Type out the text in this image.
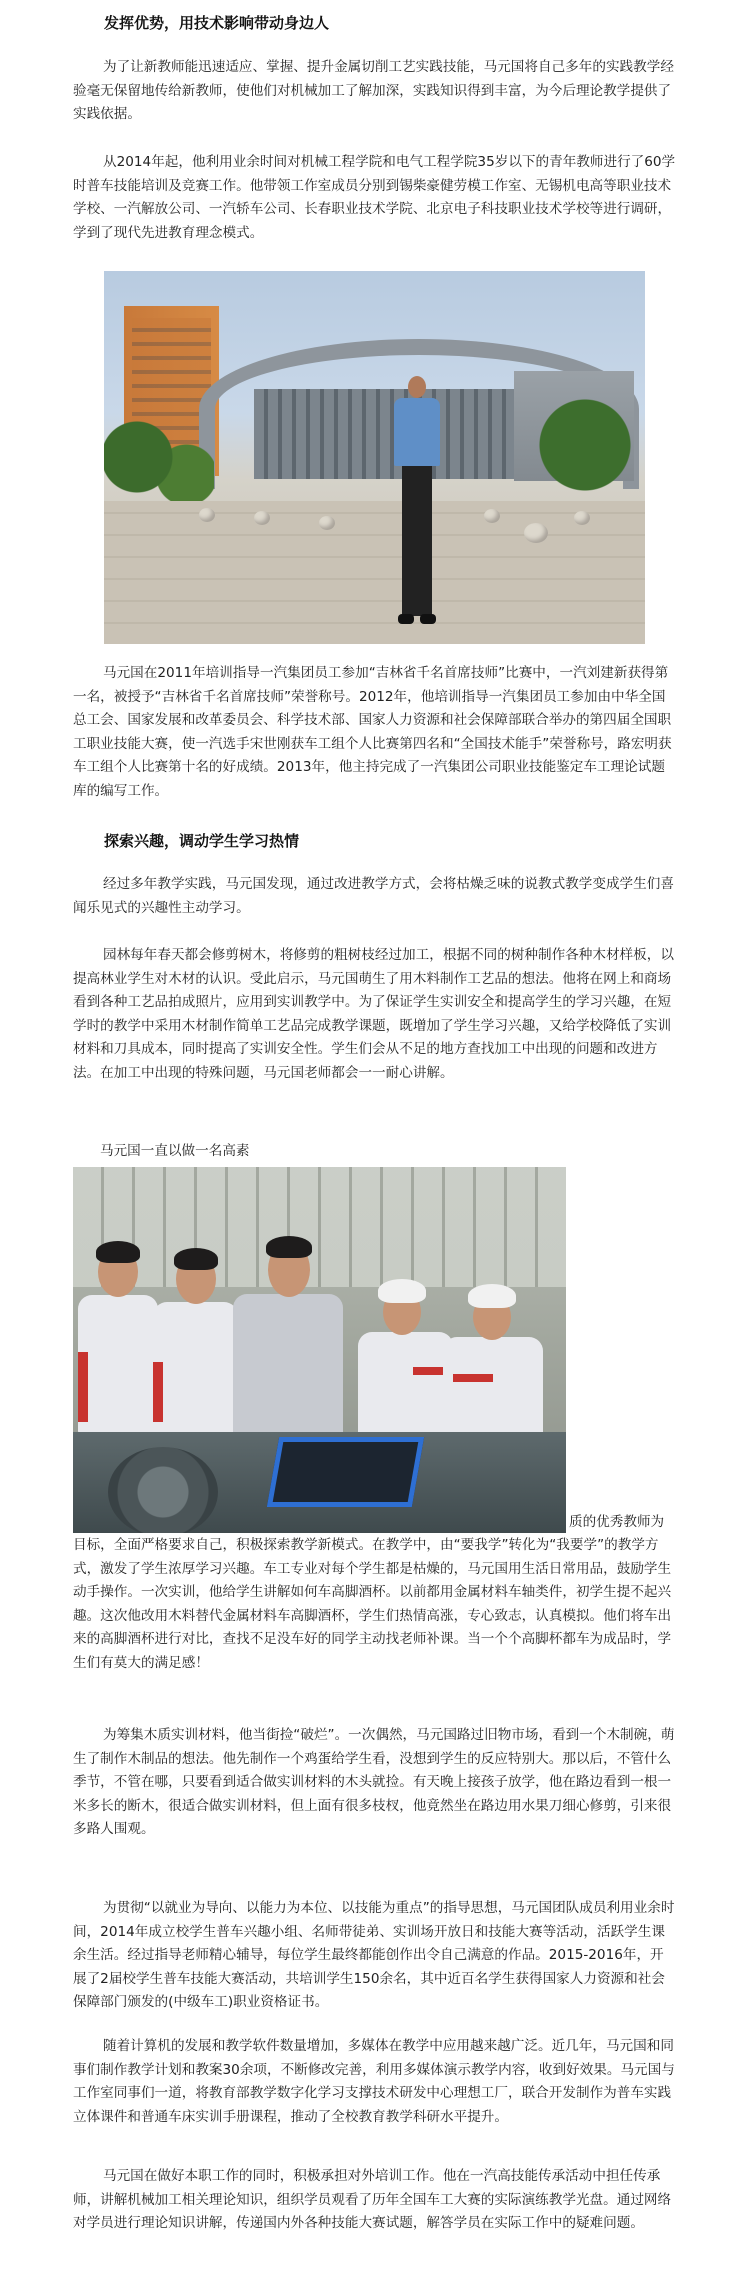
发挥优势，用技术影响带动身边人

为了让新教师能迅速适应、掌握、提升金属切削工艺实践技能，马元国将自己多年的实践教学经验毫无保留地传给新教师，使他们对机械加工了解加深，实践知识得到丰富，为今后理论教学提供了实践依据。

从2014年起，他利用业余时间对机械工程学院和电气工程学院35岁以下的青年教师进行了60学时普车技能培训及竞赛工作。他带领工作室成员分别到锡柴豪健劳模工作室、无锡机电高等职业技术学校、一汽解放公司、一汽轿车公司、长春职业技术学院、北京电子科技职业技术学校等进行调研，学到了现代先进教育理念模式。

马元国在2011年培训指导一汽集团员工参加“吉林省千名首席技师”比赛中，一汽刘建新获得第一名，被授予“吉林省千名首席技师”荣誉称号。2012年，他培训指导一汽集团员工参加由中华全国总工会、国家发展和改革委员会、科学技术部、国家人力资源和社会保障部联合举办的第四届全国职工职业技能大赛，使一汽选手宋世刚获车工组个人比赛第四名和“全国技术能手”荣誉称号，路宏明获车工组个人比赛第十名的好成绩。2013年，他主持完成了一汽集团公司职业技能鉴定车工理论试题库的编写工作。

探索兴趣，调动学生学习热情

经过多年教学实践，马元国发现，通过改进教学方式，会将枯燥乏味的说教式教学变成学生们喜闻乐见式的兴趣性主动学习。

园林每年春天都会修剪树木，将修剪的粗树枝经过加工，根据不同的树种制作各种木材样板，以提高林业学生对木材的认识。受此启示，马元国萌生了用木料制作工艺品的想法。他将在网上和商场看到各种工艺品拍成照片，应用到实训教学中。为了保证学生实训安全和提高学生的学习兴趣，在短学时的教学中采用木材制作简单工艺品完成教学课题，既增加了学生学习兴趣，又给学校降低了实训材料和刀具成本，同时提高了实训安全性。学生们会从不足的地方查找加工中出现的问题和改进方法。在加工中出现的特殊问题，马元国老师都会一一耐心讲解。

马元国一直以做一名高素
质的优秀教师为

目标，全面严格要求自己，积极探索教学新模式。在教学中，由“要我学”转化为“我要学”的教学方式，激发了学生浓厚学习兴趣。车工专业对每个学生都是枯燥的，马元国用生活日常用品，鼓励学生动手操作。一次实训，他给学生讲解如何车高脚酒杯。以前都用金属材料车轴类件，初学生提不起兴趣。这次他改用木料替代金属材料车高脚酒杯，学生们热情高涨，专心致志，认真模拟。他们将车出来的高脚酒杯进行对比，查找不足没车好的同学主动找老师补课。当一个个高脚杯都车为成品时，学生们有莫大的满足感！

为筹集木质实训材料，他当街捡“破烂”。一次偶然，马元国路过旧物市场，看到一个木制碗，萌生了制作木制品的想法。他先制作一个鸡蛋给学生看，没想到学生的反应特别大。那以后，不管什么季节，不管在哪，只要看到适合做实训材料的木头就捡。有天晚上接孩子放学，他在路边看到一根一米多长的断木，很适合做实训材料，但上面有很多枝杈，他竟然坐在路边用水果刀细心修剪，引来很多路人围观。

为贯彻“以就业为导向、以能力为本位、以技能为重点”的指导思想，马元国团队成员利用业余时间，2014年成立校学生普车兴趣小组、名师带徒弟、实训场开放日和技能大赛等活动，活跃学生课余生活。经过指导老师精心辅导，每位学生最终都能创作出令自己满意的作品。2015-2016年，开展了2届校学生普车技能大赛活动，共培训学生150余名，其中近百名学生获得国家人力资源和社会保障部门颁发的(中级车工)职业资格证书。

随着计算机的发展和教学软件数量增加，多媒体在教学中应用越来越广泛。近几年，马元国和同事们制作教学计划和教案30余项，不断修改完善，利用多媒体演示教学内容，收到好效果。马元国与工作室同事们一道，将教育部教学数字化学习支撑技术研发中心理想工厂，联合开发制作为普车实践立体课件和普通车床实训手册课程，推动了全校教育教学科研水平提升。

马元国在做好本职工作的同时，积极承担对外培训工作。他在一汽高技能传承活动中担任传承师，讲解机械加工相关理论知识，组织学员观看了历年全国车工大赛的实际演练教学光盘。通过网络对学员进行理论知识讲解，传递国内外各种技能大赛试题，解答学员在实际工作中的疑难问题。
